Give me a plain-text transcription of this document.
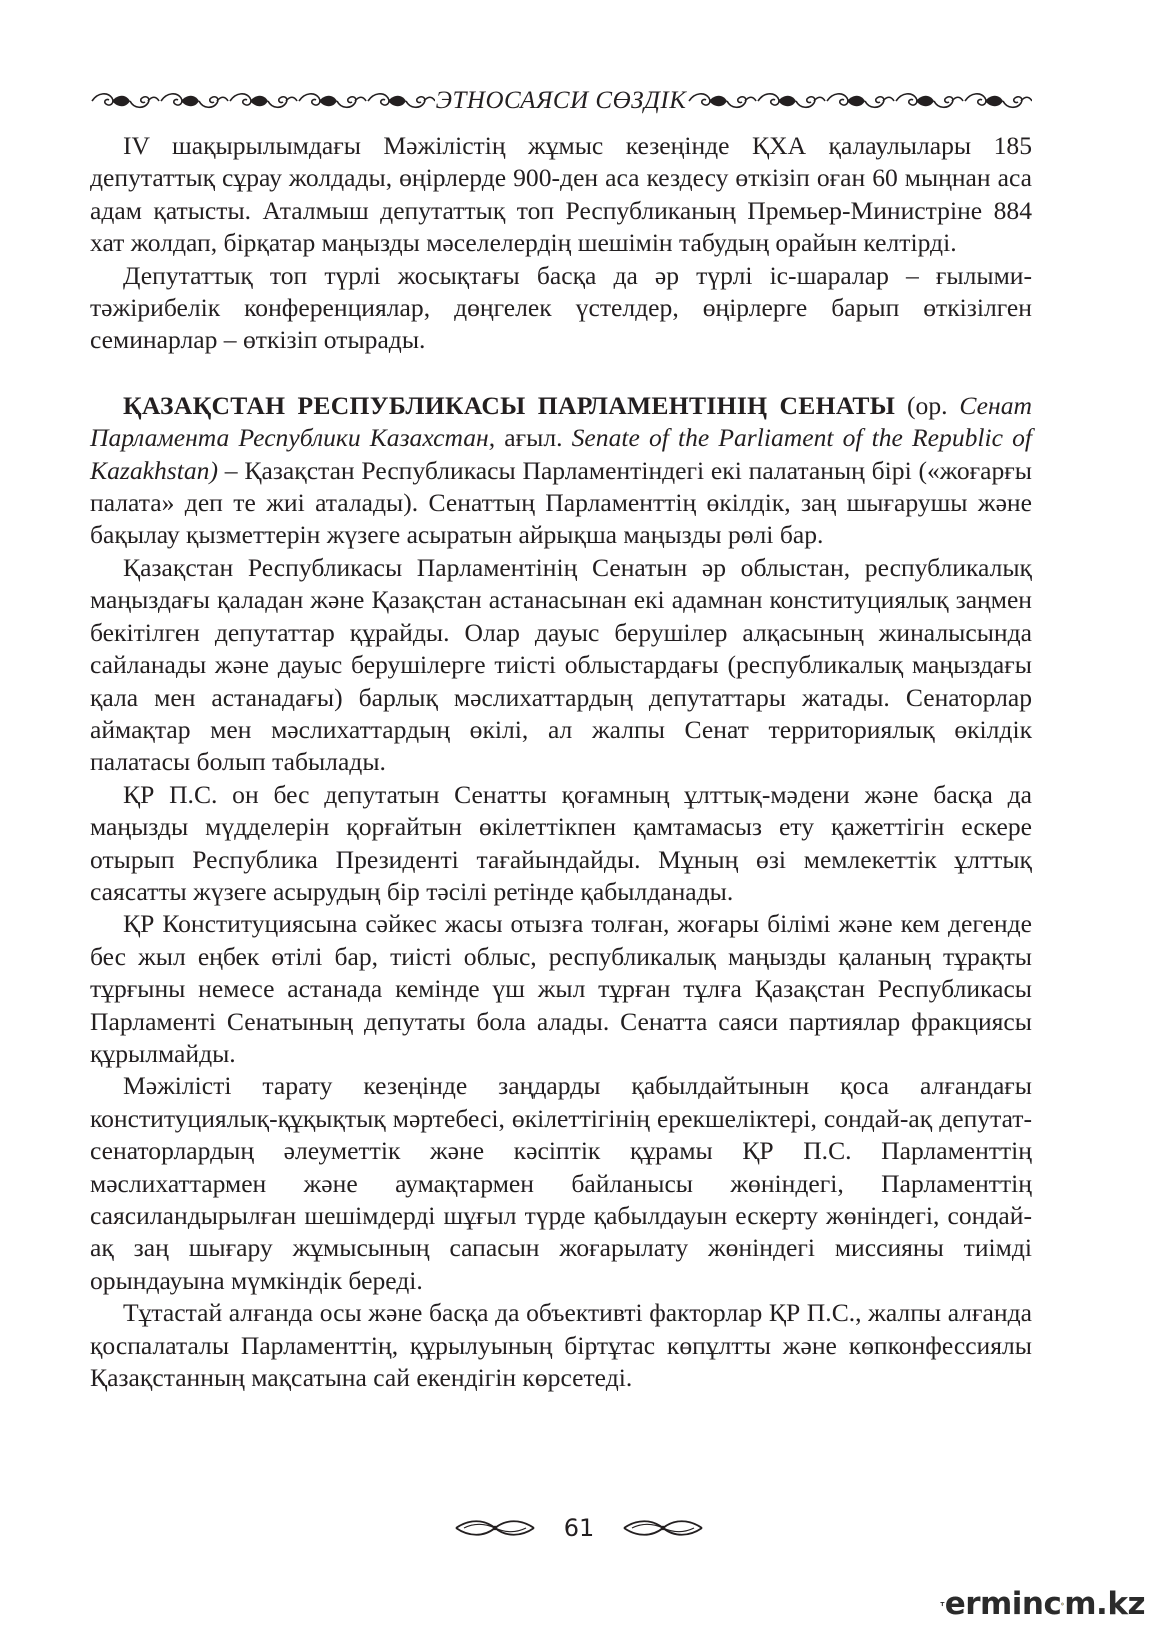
ЭТНОСАЯСИ СӨЗДІК

IV шақырылымдағы Мәжілістің жұмыс кезеңінде ҚХА қалаулылары 185 депутаттық сұрау жолдады, өңірлерде 900-ден аса кездесу өткізіп оған 60 мыңнан аса адам қатысты. Аталмыш депутаттық топ Республиканың Премьер-Министріне 884 хат жолдап, бірқатар маңызды мәселелердің шешімін табудың орайын келтірді.

Депутаттық топ түрлі жосықтағы басқа да әр түрлі іс-шаралар – ғылыми-тәжірибелік конференциялар, дөңгелек үстелдер, өңірлерге барып өткізілген семинарлар – өткізіп отырады.

ҚАЗАҚСТАН РЕСПУБЛИКАСЫ ПАРЛАМЕНТІНІҢ СЕНАТЫ (ор. Сенат Парламента Республики Казахстан, ағыл. Senate of the Parliament of the Republic of Kazakhstan) – Қазақстан Республикасы Парламентіндегі екі палатаның бірі («жоғарғы палата» деп те жиі аталады). Сенаттың Парламенттің өкілдік, заң шығарушы және бақылау қызметтерін жүзеге асыратын айрықша маңызды рөлі бар.

Қазақстан Республикасы Парламентінің Сенатын әр облыстан, республикалық маңыздағы қаладан және Қазақстан астанасынан екі адамнан конституциялық заңмен бекітілген депутаттар құрайды. Олар дауыс берушілер алқасының жиналысында сайланады және дауыс берушілерге тиісті облыстардағы (республикалық маңыздағы қала мен астанадағы) барлық мәслихаттардың депутаттары жатады. Сенаторлар аймақтар мен мәслихаттардың өкілі, ал жалпы Сенат территориялық өкілдік палатасы болып табылады.

ҚР П.С. он бес депутатын Сенатты қоғамның ұлттық-мәдени және басқа да маңызды мүдделерін қорғайтын өкілеттікпен қамтамасыз ету қажеттігін ескере отырып Республика Президенті тағайындайды. Мұның өзі мемлекеттік ұлттық саясатты жүзеге асырудың бір тәсілі ретінде қабылданады.

ҚР Конституциясына сәйкес жасы отызға толған, жоғары білімі және кем дегенде бес жыл еңбек өтілі бар, тиісті облыс, республикалық маңызды қаланың тұрақты тұрғыны немесе астанада кемінде үш жыл тұрған тұлға Қазақстан Республикасы Парламенті Сенатының депутаты бола алады. Сенатта саяси партиялар фракциясы құрылмайды.

Мәжілісті тарату кезеңінде заңдарды қабылдайтынын қоса алғандағы конституциялық-құқықтық мәртебесі, өкілеттігінің ерекшеліктері, сондай-ақ депутат-сенаторлардың әлеуметтік және кәсіптік құрамы ҚР П.С. Парламенттің мәслихаттармен және аумақтармен байланысы жөніндегі, Парламенттің саясиландырылған шешімдерді шұғыл түрде қабылдауын ескерту жөніндегі, сондай-ақ заң шығару жұмысының сапасын жоғарылату жөніндегі миссияны тиімді орындауына мүмкіндік береді.

Тұтастай алғанда осы және басқа да объективті факторлар ҚР П.С., жалпы алғанда қоспалаталы Парламенттің, құрылуының біртұтас көпұлтты және көпконфессиялы Қазақстанның мақсатына сай екендігін көрсетеді.

61
ermin c m.kz
